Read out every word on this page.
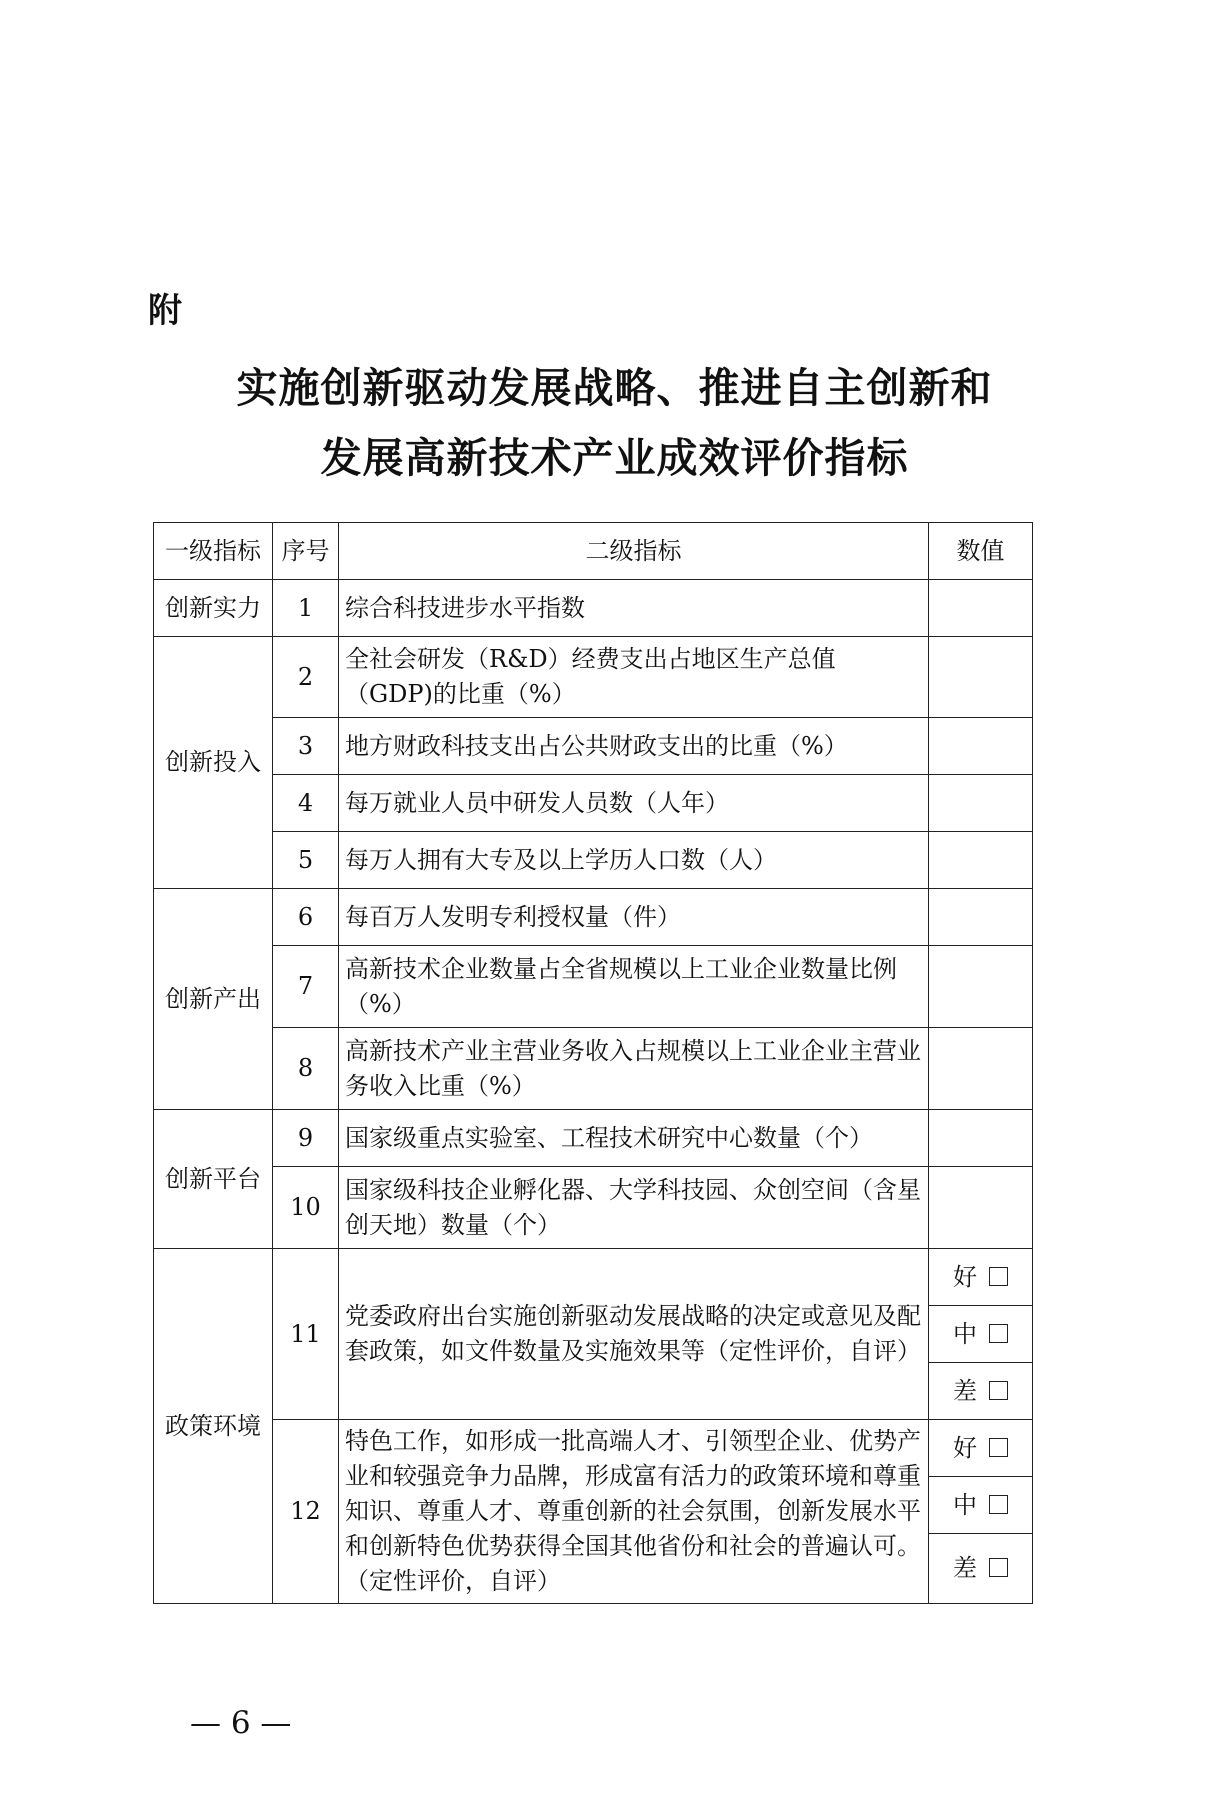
附
实施创新驱动发展战略、推进自主创新和
发展高新技术产业成效评价指标
一级指标	序号	二级指标	数值
创新实力	1	综合科技进步水平指数	
创新投入	2	全社会研发（R&D）经费支出占地区生产总值（GDP)的比重（%）	
	3	地方财政科技支出占公共财政支出的比重（%）	
	4	每万就业人员中研发人员数（人年）	
	5	每万人拥有大专及以上学历人口数（人）	
创新产出	6	每百万人发明专利授权量（件）	
	7	高新技术企业数量占全省规模以上工业企业数量比例（%）	
	8	高新技术产业主营业务收入占规模以上工业企业主营业务收入比重（%）	
创新平台	9	国家级重点实验室、工程技术研究中心数量（个）	
	10	国家级科技企业孵化器、大学科技园、众创空间（含星创天地）数量（个）	
政策环境	11	党委政府出台实施创新驱动发展战略的决定或意见及配套政策，如文件数量及实施效果等（定性评价，自评）	好
			中
			差
	12	特色工作，如形成一批高端人才、引领型企业、优势产业和较强竞争力品牌，形成富有活力的政策环境和尊重知识、尊重人才、尊重创新的社会氛围，创新发展水平和创新特色优势获得全国其他省份和社会的普遍认可。（定性评价，自评）	好
			中
			差
— 6 —
